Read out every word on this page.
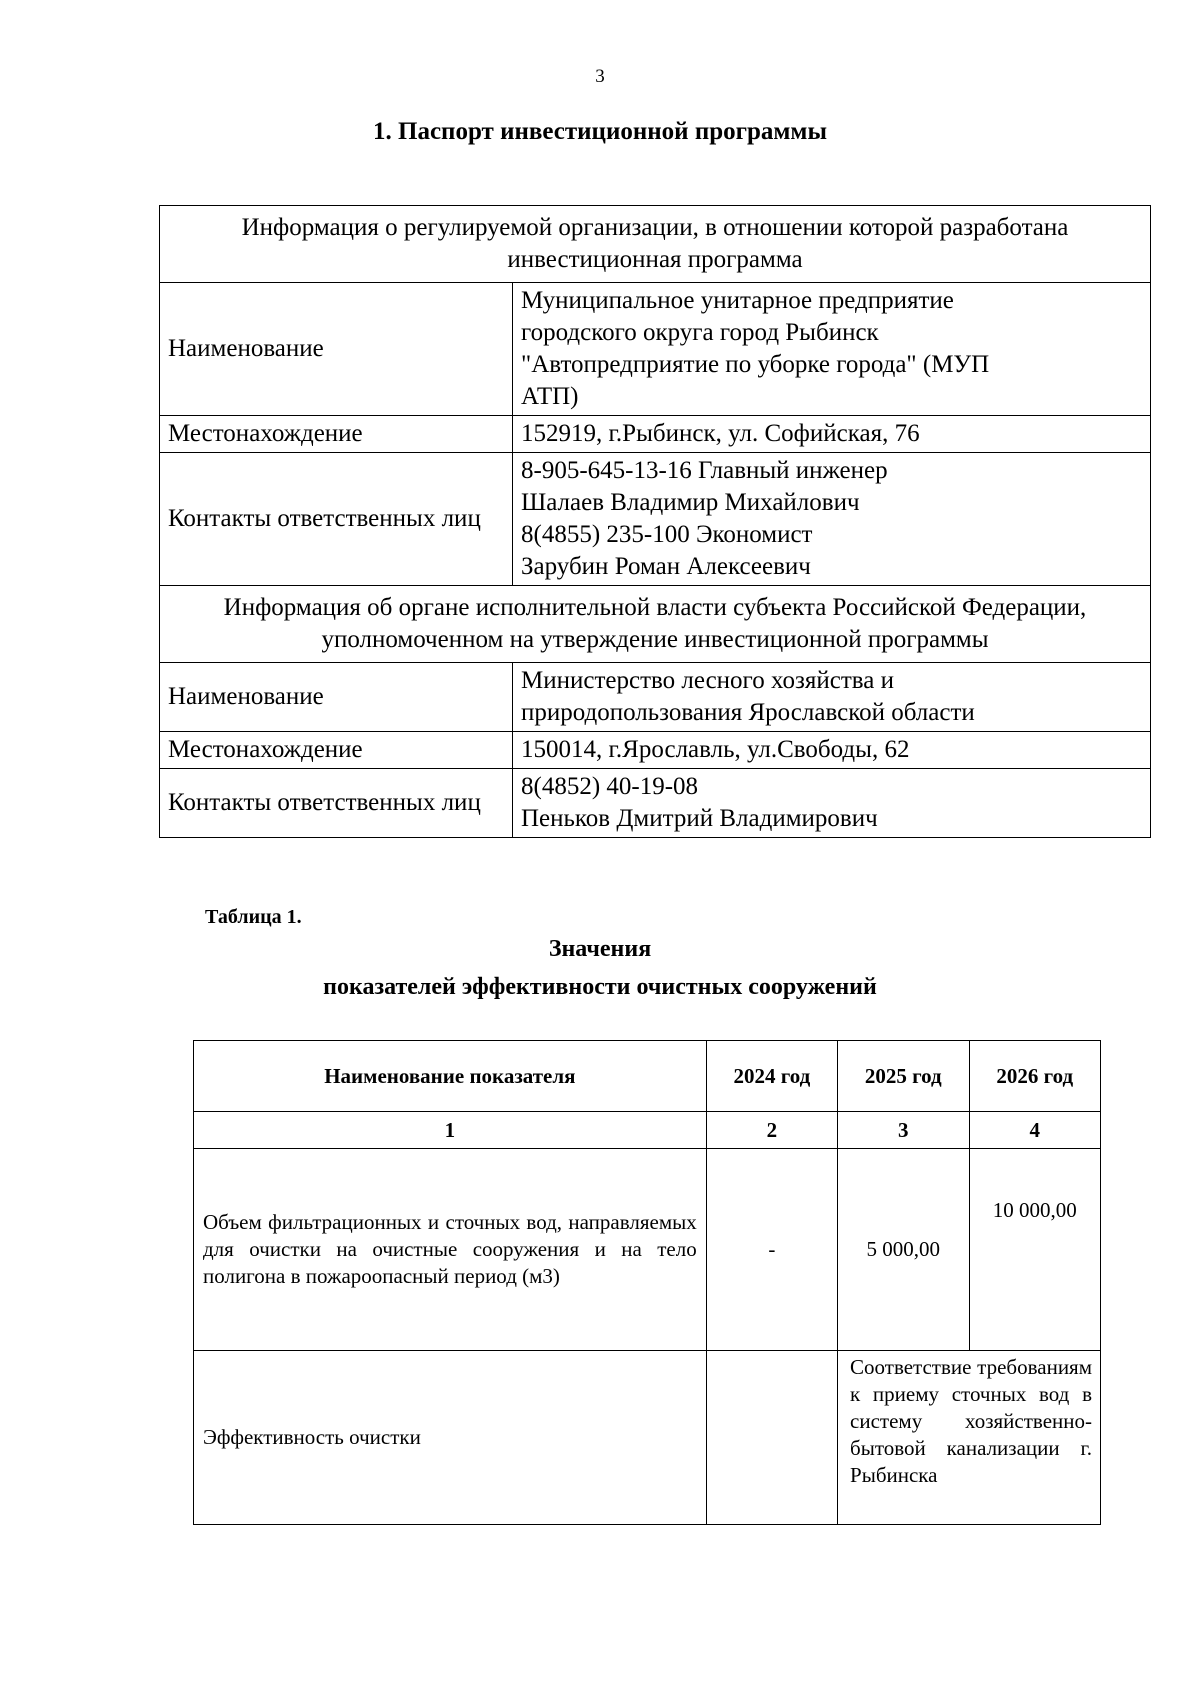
3
1. Паспорт инвестиционной программы
Информация о регулируемой организации, в отношении которой разработана инвестиционная программа	
Наименование	Муниципальное унитарное предприятие
городского округа город Рыбинск
"Автопредприятие по уборке города" (МУП
АТП)

Местонахождение	152919, г.Рыбинск, ул. Софийская, 76

Контакты ответственных лиц	8-905-645-13-16 Главный инженер
Шалаев Владимир Михайлович
8(4855) 235-100 Экономист
Зарубин Роман Алексеевич

Информация об органе исполнительной власти субъекта Российской Федерации, уполномоченном на утверждение инвестиционной программы	
Наименование	Министерство лесного хозяйства и
природопользования Ярославской области

Местонахождение	150014, г.Ярославль, ул.Свободы, 62

Контакты ответственных лиц	8(4852) 40-19-08
Пеньков Дмитрий Владимирович
Таблица 1.
Значения
показателей эффективности очистных сооружений
Наименование показателя	2024 год	2025 год	2026 год
1	2	3	4
Объем фильтрационных и сточных вод, направляемых для очистки на очистные сооружения и на тело полигона в пожароопасный период (м3)	-	5 000,00	10 000,00
Эффективность очистки		Соответствие требованиям к приему сточных вод в систему хозяйственно-бытовой канализации г. Рыбинска	
